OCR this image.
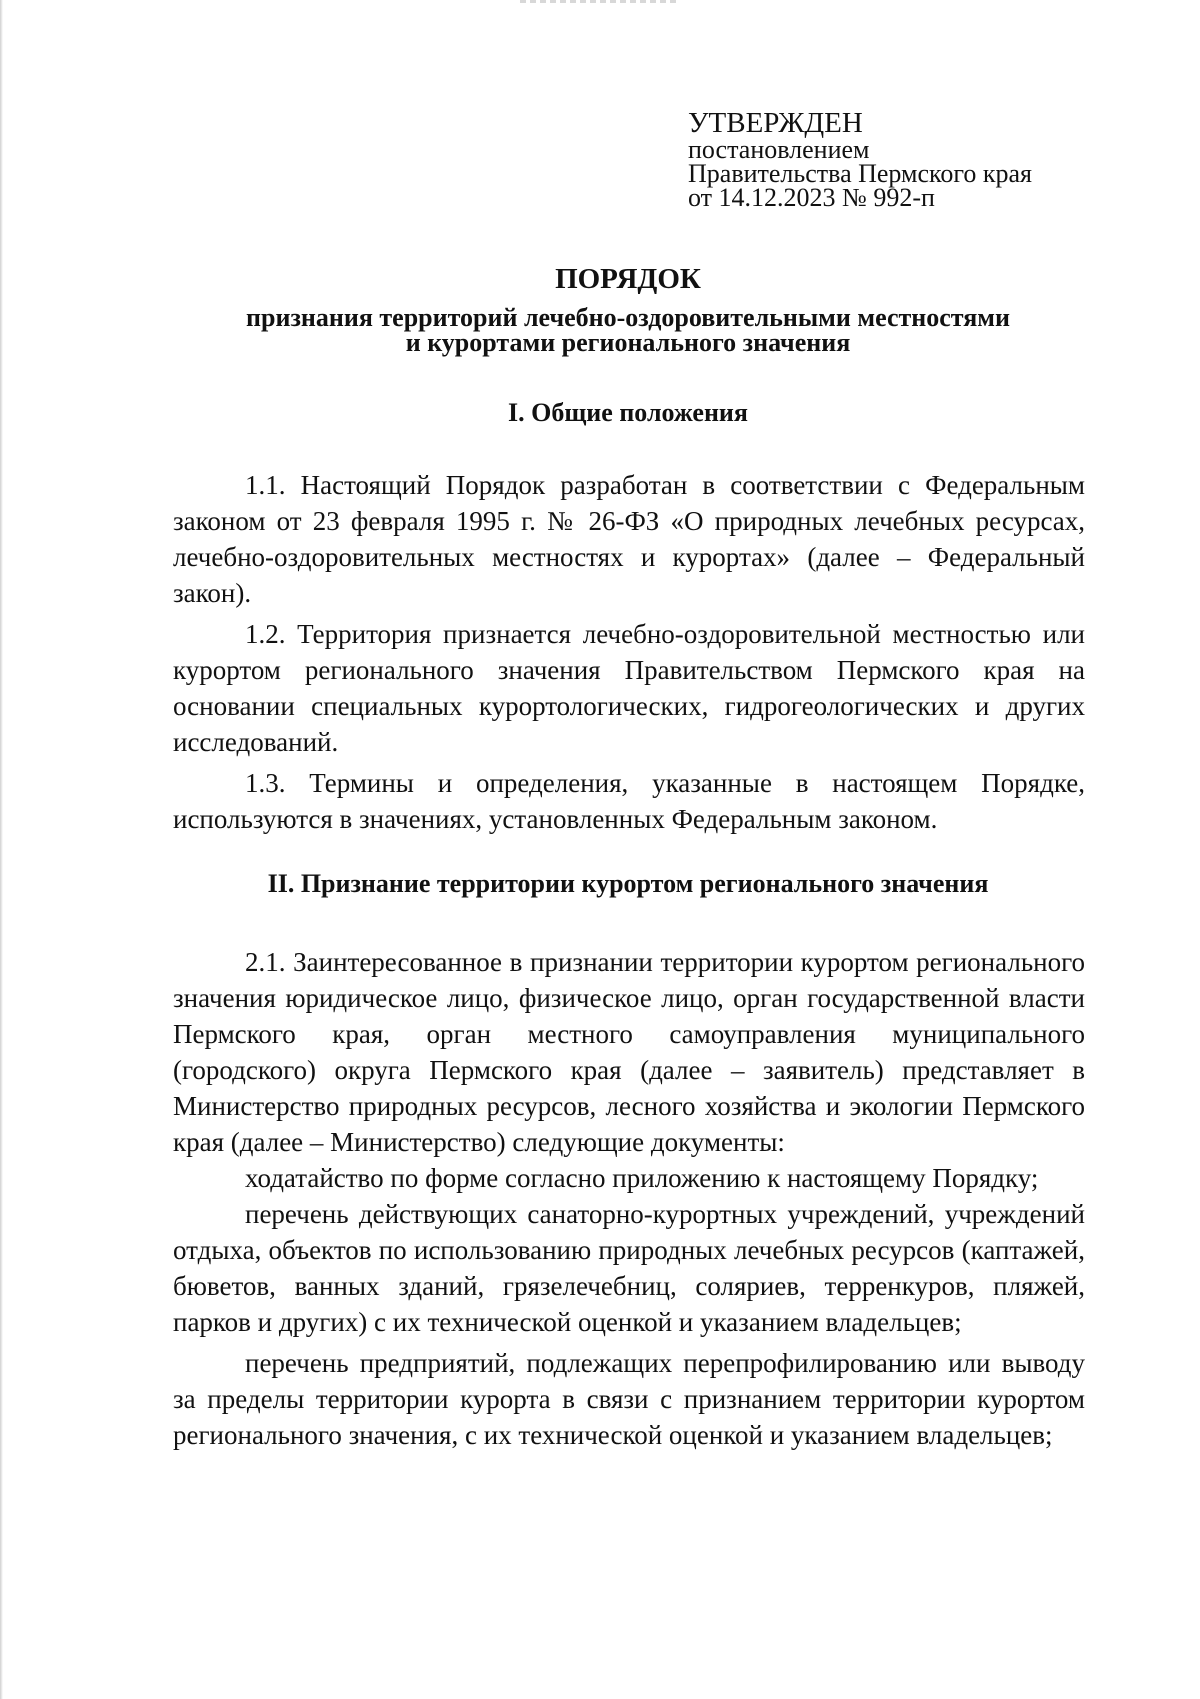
УТВЕРЖДЕН
постановлением
Правительства Пермского края
от 14.12.2023 № 992-п
ПОРЯДОК
признания территорий лечебно-оздоровительными местностями
и курортами регионального значения
I. Общие положения

1.1. Настоящий Порядок разработан в соответствии с Федеральным законом от 23 февраля 1995 г. № 26-ФЗ «О природных лечебных ресурсах, лечебно-оздоровительных местностях и курортах» (далее – Федеральный закон).

1.2. Территория признается лечебно-оздоровительной местностью или курортом регионального значения Правительством Пермского края на основании специальных курортологических, гидрогеологических и других исследований.

1.3. Термины и определения, указанные в настоящем Порядке, используются в значениях, установленных Федеральным законом.

II. Признание территории курортом регионального значения

2.1. Заинтересованное в признании территории курортом регионального значения юридическое лицо, физическое лицо, орган государственной власти Пермского края, орган местного самоуправления муниципального (городского) округа Пермского края (далее – заявитель) представляет в Министерство природных ресурсов, лесного хозяйства и экологии Пермского края (далее – Министерство) следующие документы:

ходатайство по форме согласно приложению к настоящему Порядку;

перечень действующих санаторно-курортных учреждений, учреждений отдыха, объектов по использованию природных лечебных ресурсов (каптажей, бюветов, ванных зданий, грязелечебниц, соляриев, терренкуров, пляжей, парков и других) с их технической оценкой и указанием владельцев;

перечень предприятий, подлежащих перепрофилированию или выводу за пределы территории курорта в связи с признанием территории курортом регионального значения, с их технической оценкой и указанием владельцев;
